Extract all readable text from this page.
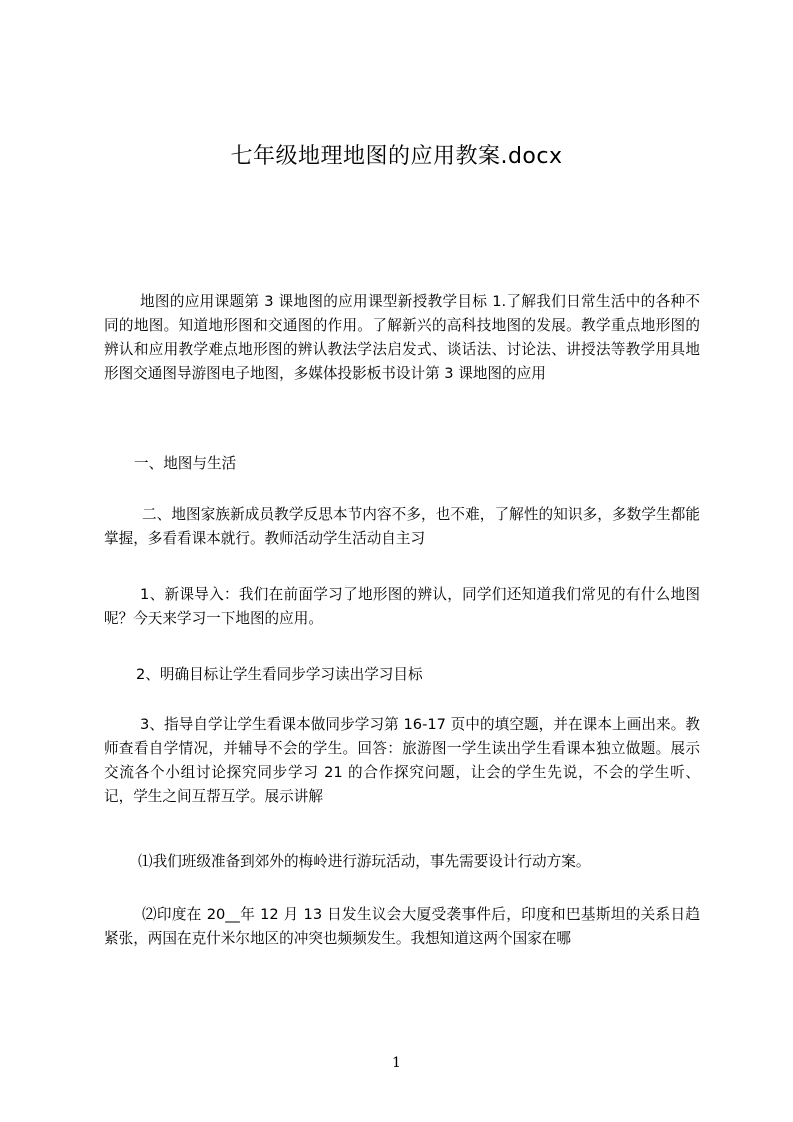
七年级地理地图的应用教案.docx
地图的应用课题第 3 课地图的应用课型新授教学目标 1.了解我们日常生活中的各种不同的地图。知道地形图和交通图的作用。了解新兴的高科技地图的发展。教学重点地形图的辨认和应用教学难点地形图的辨认教法学法启发式、谈话法、讨论法、讲授法等教学用具地形图交通图导游图电子地图，多媒体投影板书设计第 3 课地图的应用
一、地图与生活
二、地图家族新成员教学反思本节内容不多，也不难，了解性的知识多，多数学生都能掌握，多看看课本就行。教师活动学生活动自主习
1、新课导入：我们在前面学习了地形图的辨认，同学们还知道我们常见的有什么地图呢？今天来学习一下地图的应用。
2、明确目标让学生看同步学习读出学习目标
3、指导自学让学生看课本做同步学习第 16-17 页中的填空题，并在课本上画出来。教师查看自学情况，并辅导不会的学生。回答：旅游图一学生读出学生看课本独立做题。展示交流各个小组讨论探究同步学习 21 的合作探究问题，让会的学生先说，不会的学生听、记，学生之间互帮互学。展示讲解
⑴我们班级准备到郊外的梅岭进行游玩活动，事先需要设计行动方案。
⑵印度在 20__年 12 月 13 日发生议会大厦受袭事件后，印度和巴基斯坦的关系日趋紧张，两国在克什米尔地区的冲突也频频发生。我想知道这两个国家在哪
1
